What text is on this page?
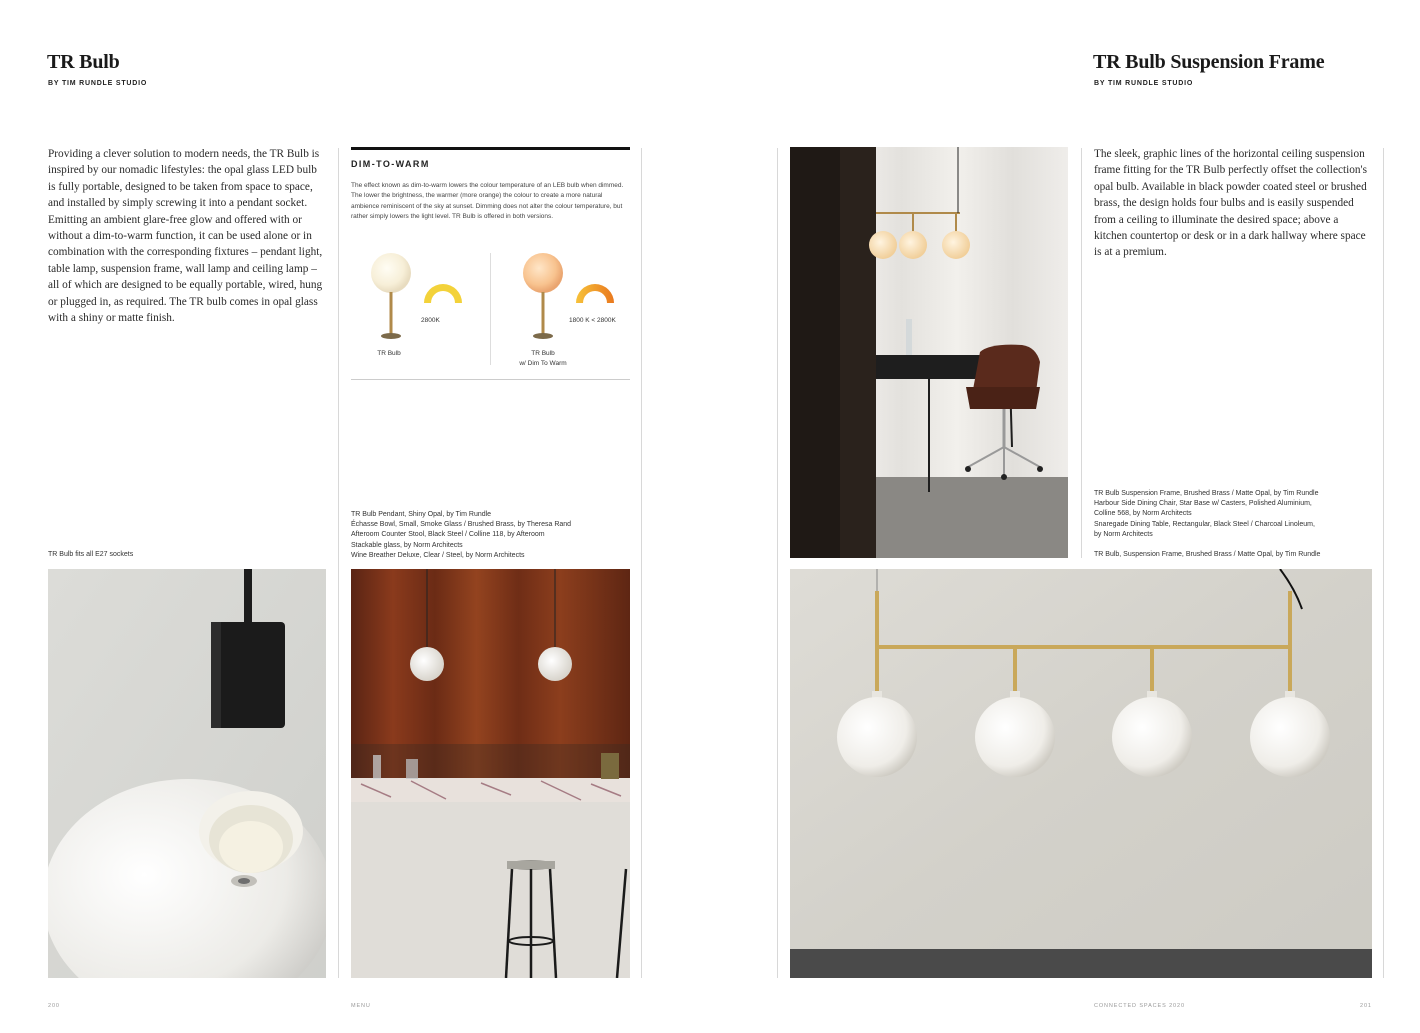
TR Bulb
BY TIM RUNDLE STUDIO
Providing a clever solution to modern needs, the TR Bulb is inspired by our nomadic lifestyles: the opal glass LED bulb is fully portable, designed to be taken from space to space, and installed by simply screwing it into a pendant socket. Emitting an ambient glare-free glow and offered with or without a dim-to-warm function, it can be used alone or in combination with the corresponding fixtures – pendant light, table lamp, suspension frame, wall lamp and ceiling lamp – all of which are designed to be equally portable, wired, hung or plugged in, as required. The TR bulb comes in opal glass with a shiny or matte finish.
DIM-TO-WARM
The effect known as dim-to-warm lowers the colour temperature of an LEB bulb when dimmed. The lower the brightness, the warmer (more orange) the colour to create a more natural ambience reminiscent of the sky at sunset. Dimming does not alter the colour temperature, but rather simply lowers the light level. TR Bulb is offered in both versions.
2800K
TR Bulb
1800 K < 2800K
TR Bulb
w/ Dim To Warm
TR Bulb fits all E27 sockets
TR Bulb Pendant, Shiny Opal, by Tim Rundle
Échasse Bowl, Small, Smoke Glass / Brushed Brass, by Theresa Rand
Afteroom Counter Stool, Black Steel / Colline 118, by Afteroom
Stackable glass, by Norm Architects
Wine Breather Deluxe, Clear / Steel, by Norm Architects
200	MENU
TR Bulb Suspension Frame
BY TIM RUNDLE STUDIO
The sleek, graphic lines of the horizontal ceiling suspension frame fitting for the TR Bulb perfectly offset the collection's opal bulb. Available in black powder coated steel or brushed brass, the design holds four bulbs and is easily suspended from a ceiling to illuminate the desired space; above a kitchen countertop or desk or in a dark hallway where space is at a premium.
TR Bulb Suspension Frame, Brushed Brass / Matte Opal, by Tim Rundle
Harbour Side Dining Chair, Star Base w/ Casters, Polished Aluminium,
Colline 568, by Norm Architects
Snaregade Dining Table, Rectangular, Black Steel / Charcoal Linoleum,
by Norm Architects
TR Bulb, Suspension Frame, Brushed Brass / Matte Opal, by Tim Rundle
CONNECTED SPACES 2020	201
